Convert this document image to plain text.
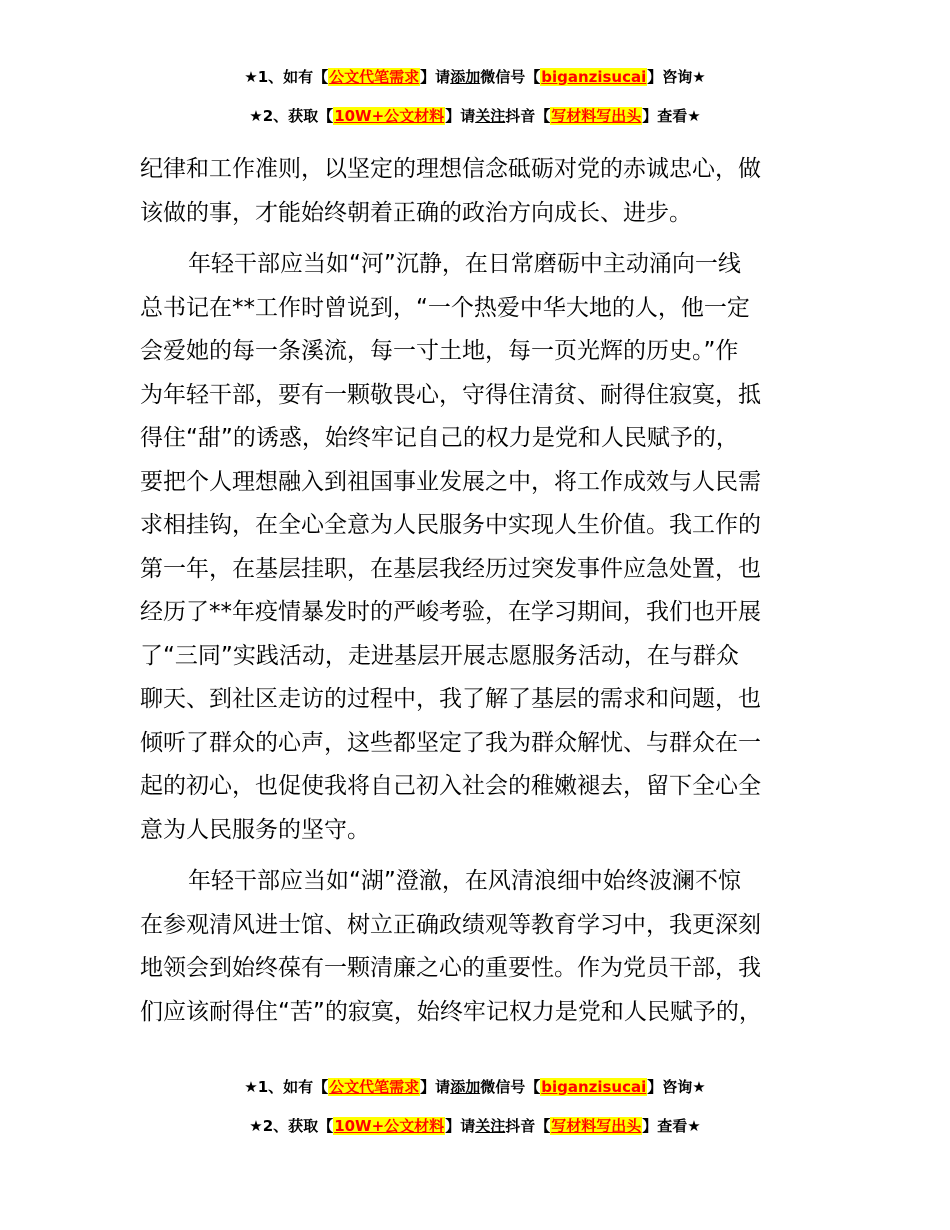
★1、如有【公文代笔需求】请添加微信号【biganzisucai】咨询★
★2、获取【10W+公文材料】请关注抖音【写材料写出头】查看★
纪律和工作准则，以坚定的理想信念砥砺对党的赤诚忠心，做
该做的事，才能始终朝着正确的政治方向成长、进步。
年轻干部应当如“河”沉静，在日常磨砺中主动涌向一线
总书记在**工作时曾说到，“一个热爱中华大地的人，他一定
会爱她的每一条溪流，每一寸土地，每一页光辉的历史。”作
为年轻干部，要有一颗敬畏心，守得住清贫、耐得住寂寞，抵
得住“甜”的诱惑，始终牢记自己的权力是党和人民赋予的，
要把个人理想融入到祖国事业发展之中，将工作成效与人民需
求相挂钩，在全心全意为人民服务中实现人生价值。我工作的
第一年，在基层挂职，在基层我经历过突发事件应急处置，也
经历了**年疫情暴发时的严峻考验，在学习期间，我们也开展
了“三同”实践活动，走进基层开展志愿服务活动，在与群众
聊天、到社区走访的过程中，我了解了基层的需求和问题，也
倾听了群众的心声，这些都坚定了我为群众解忧、与群众在一
起的初心，也促使我将自己初入社会的稚嫩褪去，留下全心全
意为人民服务的坚守。
年轻干部应当如“湖”澄澈，在风清浪细中始终波澜不惊
在参观清风进士馆、树立正确政绩观等教育学习中，我更深刻
地领会到始终葆有一颗清廉之心的重要性。作为党员干部，我
们应该耐得住“苦”的寂寞，始终牢记权力是党和人民赋予的，
★1、如有【公文代笔需求】请添加微信号【biganzisucai】咨询★
★2、获取【10W+公文材料】请关注抖音【写材料写出头】查看★
